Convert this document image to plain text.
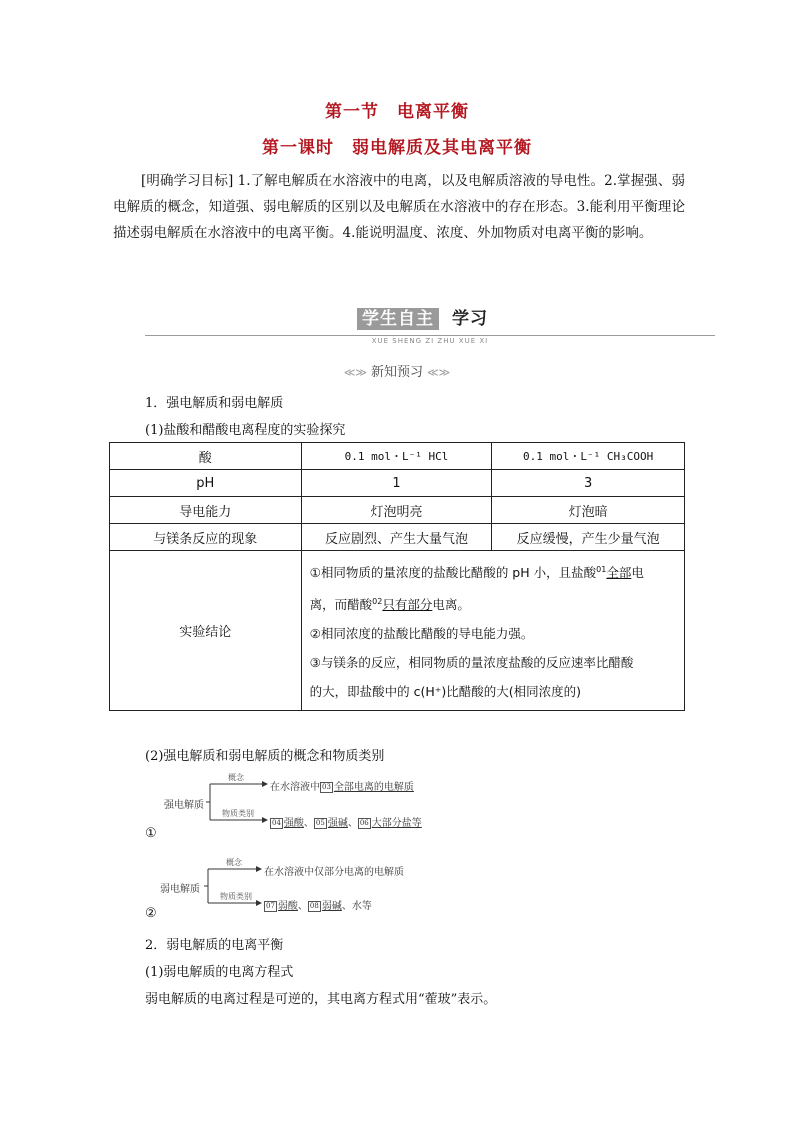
第一节 电离平衡
第一课时 弱电解质及其电离平衡
[明确学习目标] 1.了解电解质在水溶液中的电离，以及电解质溶液的导电性。2.掌握强、弱电解质的概念，知道强、弱电解质的区别以及电解质在水溶液中的存在形态。3.能利用平衡理论描述弱电解质在水溶液中的电离平衡。4.能说明温度、浓度、外加物质对电离平衡的影响。
学生自主 学习
XUE SHENG ZI ZHU XUE XI
≪≫ 新知预习 ≪≫
1．强电解质和弱电解质
(1)盐酸和醋酸电离程度的实验探究
酸	0.1 mol・L⁻¹ HCl	0.1 mol・L⁻¹ CH₃COOH
pH	1	3
导电能力	灯泡明亮	灯泡暗
与镁条反应的现象	反应剧烈、产生大量气泡	反应缓慢，产生少量气泡
实验结论	①相同物质的量浓度的盐酸比醋酸的 pH 小，且盐酸$^{01}$全部电
离，而醋酸$^{02}$只有部分电离。
②相同浓度的盐酸比醋酸的导电能力强。
③与镁条的反应，相同物质的量浓度盐酸的反应速率比醋酸
的大，即盐酸中的 c(H⁺)比醋酸的大(相同浓度的)	
(2)强电解质和弱电解质的概念和物质类别
强电解质
概念
在水溶液中 03 全部电离的电解质
物质类别
04 强酸、 05 强碱、 06 大部分盐等
①
弱电解质
概念
在水溶液中仅部分电离的电解质
物质类别
07 弱酸、 08 弱碱、水等
②
2．弱电解质的电离平衡
(1)弱电解质的电离方程式
弱电解质的电离过程是可逆的，其电离方程式用“蒮玻”表示。
